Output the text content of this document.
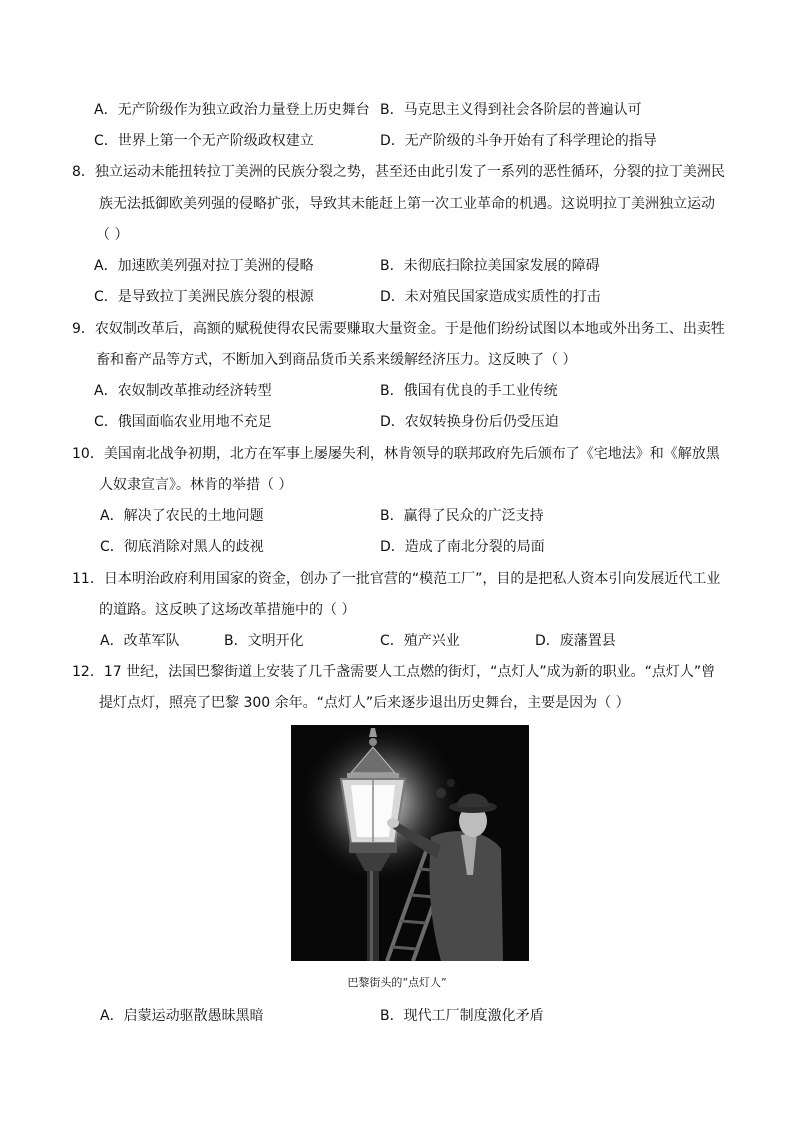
A．无产阶级作为独立政治力量登上历史舞台 B．马克思主义得到社会各阶层的普遍认可
C．世界上第一个无产阶级政权建立	D．无产阶级的斗争开始有了科学理论的指导
8．独立运动未能扭转拉丁美洲的民族分裂之势，甚至还由此引发了一系列的恶性循环，分裂的拉丁美洲民
族无法抵御欧美列强的侵略扩张，导致其未能赶上第一次工业革命的机遇。这说明拉丁美洲独立运动
（ ）
A．加速欧美列强对拉丁美洲的侵略	B．未彻底扫除拉美国家发展的障碍
C．是导致拉丁美洲民族分裂的根源	D．未对殖民国家造成实质性的打击
9．农奴制改革后，高额的赋税使得农民需要赚取大量资金。于是他们纷纷试图以本地或外出务工、出卖牲
畜和畜产品等方式，不断加入到商品货币关系来缓解经济压力。这反映了（ ）
A．农奴制改革推动经济转型	B．俄国有优良的手工业传统
C．俄国面临农业用地不充足	D．农奴转换身份后仍受压迫
10．美国南北战争初期，北方在军事上屡屡失利，林肯领导的联邦政府先后颁布了《宅地法》和《解放黑
人奴隶宣言》。林肯的举措（ ）
A．解决了农民的土地问题	B．赢得了民众的广泛支持
C．彻底消除对黑人的歧视	D．造成了南北分裂的局面
11．日本明治政府利用国家的资金，创办了一批官营的“模范工厂”，目的是把私人资本引向发展近代工业
的道路。这反映了这场改革措施中的（ ）
A．改革军队	B．文明开化	C．殖产兴业	D．废藩置县
12．17 世纪，法国巴黎街道上安装了几千盏需要人工点燃的街灯，“点灯人”成为新的职业。“点灯人”曾
提灯点灯，照亮了巴黎 300 余年。“点灯人”后来逐步退出历史舞台，主要是因为（ ）
巴黎街头的“点灯人”
A．启蒙运动驱散愚昧黑暗	B．现代工厂制度激化矛盾
